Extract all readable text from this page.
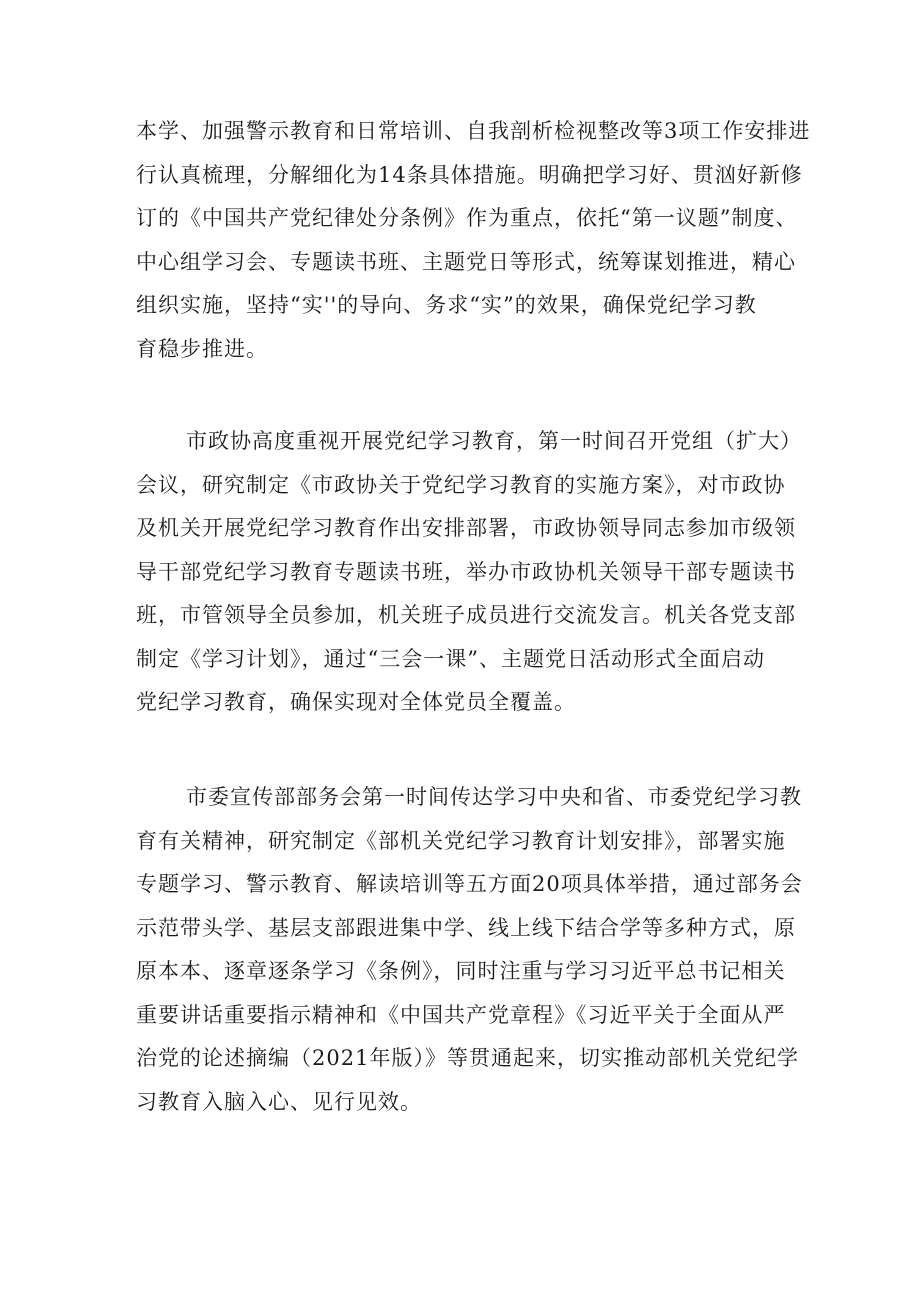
本学、加强警示教育和日常培训、自我剖析检视整改等3项工作安排进
行认真梳理，分解细化为14条具体措施。明确把学习好、贯汹好新修
订的《中国共产党纪律处分条例》作为重点，依托“第一议题”制度、
中心组学习会、专题读书班、主题党日等形式，统筹谋划推进，精心
组织实施，坚持“实''的导向、务求“实”的效果，确保党纪学习教
育稳步推进。
市政协高度重视开展党纪学习教育，第一时间召开党组（扩大）
会议，研究制定《市政协关于党纪学习教育的实施方案》，对市政协
及机关开展党纪学习教育作出安排部署，市政协领导同志参加市级领
导干部党纪学习教育专题读书班，举办市政协机关领导干部专题读书
班，市管领导全员参加，机关班子成员进行交流发言。机关各党支部
制定《学习计划》，通过“三会一课”、主题党日活动形式全面启动
党纪学习教育，确保实现对全体党员全覆盖。
市委宣传部部务会第一时间传达学习中央和省、市委党纪学习教
育有关精神，研究制定《部机关党纪学习教育计划安排》，部署实施
专题学习、警示教育、解读培训等五方面20项具体举措，通过部务会
示范带头学、基层支部跟进集中学、线上线下结合学等多种方式，原
原本本、逐章逐条学习《条例》，同时注重与学习习近平总书记相关
重要讲话重要指示精神和《中国共产党章程》《习近平关于全面从严
治党的论述摘编（2021年版）》等贯通起来，切实推动部机关党纪学
习教育入脑入心、见行见效。
